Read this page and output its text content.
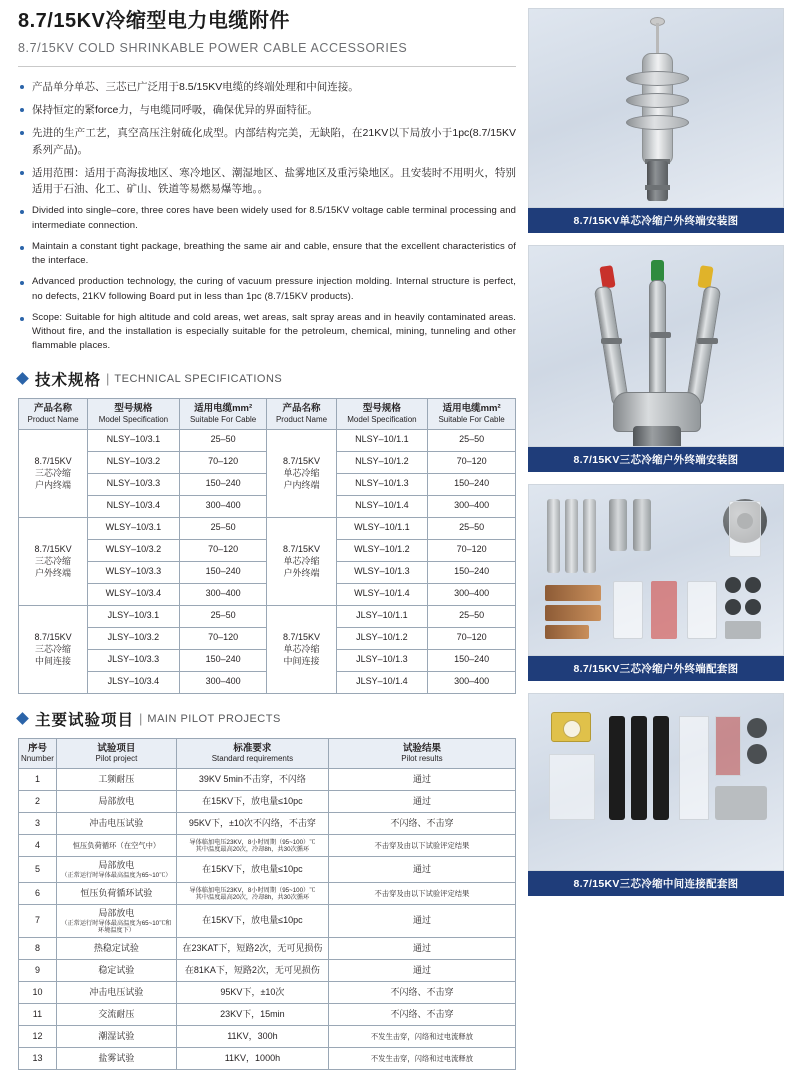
8.7/15KV冷缩型电力电缆附件
8.7/15KV COLD SHRINKABLE POWER CABLE ACCESSORIES
产品单分单芯、三芯已广泛用于8.5/15KV电缆的终端处理和中间连接。
保持恒定的紧force力，与电缆同呼吸，确保优异的界面特征。
先进的生产工艺，真空高压注射硫化成型。内部结构完美，无缺陷，在21KV以下局放小于1pc(8.7/15KV系列产品)。
适用范围：适用于高海拔地区、寒冷地区、潮湿地区、盐雾地区及重污染地区。且安装时不用明火，特别适用于石油、化工、矿山、铁道等易燃易爆等地。。
Divided into single–core, three cores have been widely used for 8.5/15KV voltage cable terminal processing and intermediate connection.
Maintain a constant tight package, breathing the same air and cable, ensure that the excellent characteristics of the interface.
Advanced production technology, the curing of vacuum pressure injection molding. Internal structure is perfect, no defects, 21KV following Board put in less than 1pc (8.7/15KV products).
Scope: Suitable for high altitude and cold areas, wet areas, salt spray areas and in heavily contaminated areas. Without fire, and the installation is especially suitable for the petroleum, chemical, mining, tunneling and other flammable places.
技术规格 | TECHNICAL SPECIFICATIONS
产品名称
Product Name	型号规格
Model Specification	适用电缆mm²
Suitable For Cable	产品名称
Product Name	型号规格
Model Specification	适用电缆mm²
Suitable For Cable

8.7/15KV
三芯冷缩
户内终端	NLSY–10/3.1	25–50	8.7/15KV
单芯冷缩
户内终端	NLSY–10/1.1	25–50
	NLSY–10/3.2	70–120		NLSY–10/1.2	70–120
	NLSY–10/3.3	150–240		NLSY–10/1.3	150–240
	NLSY–10/3.4	300–400		NLSY–10/1.4	300–400
8.7/15KV
三芯冷缩
户外终端	WLSY–10/3.1	25–50	8.7/15KV
单芯冷缩
户外终端	WLSY–10/1.1	25–50
	WLSY–10/3.2	70–120		WLSY–10/1.2	70–120
	WLSY–10/3.3	150–240		WLSY–10/1.3	150–240
	WLSY–10/3.4	300–400		WLSY–10/1.4	300–400
8.7/15KV
三芯冷缩
中间连接	JLSY–10/3.1	25–50	8.7/15KV
单芯冷缩
中间连接	JLSY–10/1.1	25–50
	JLSY–10/3.2	70–120		JLSY–10/1.2	70–120
	JLSY–10/3.3	150–240		JLSY–10/1.3	150–240
	JLSY–10/3.4	300–400		JLSY–10/1.4	300–400
主要试验项目 | MAIN PILOT PROJECTS
序号
Nnumber	试验项目
Pilot project	标准要求
Standard requirements	试验结果
Pilot results

1	工频耐压	39KV 5min不击穿，不闪络	通过
2	局部放电	在15KV下，放电量≤10pc	通过
3	冲击电压试验	95KV下，±10次不闪络，不击穿	不闪络、不击穿
4	恒压负荷循环（在空气中）	导体临加电压23KV，8小时周期（95~100）℃
其中温度最高20次，冷却8h，共30次循环	不击穿及由以下试验评定结果
5	局部放电
（正常运行时导体最高温度为65~10℃）	在15KV下，放电量≤10pc	通过
6	恒压负荷循环试验	导体临加电压23KV，8小时周期（95~100）℃
其中温度最高20次，冷却8h，共30次循环	不击穿及由以下试验评定结果
7	局部放电
（正常运行时导体最高温度为65~10℃和环境温度下）	在15KV下，放电量≤10pc	通过
8	热稳定试验	在23KAT下，短路2次，无可见损伤	通过
9	稳定试验	在81KA下，短路2次，无可见损伤	通过
10	冲击电压试验	95KV下，±10次	不闪络、不击穿
11	交流耐压	23KV下，15min	不闪络、不击穿
12	潮湿试验	11KV，300h	不发生击穿，闪络和过电流释放
13	盐雾试验	11KV，1000h	不发生击穿，闪络和过电流释放
8.7/15KV单芯冷缩户外终端安装图
8.7/15KV三芯冷缩户外终端安装图
8.7/15KV三芯冷缩户外终端配套图
8.7/15KV三芯冷缩中间连接配套图
